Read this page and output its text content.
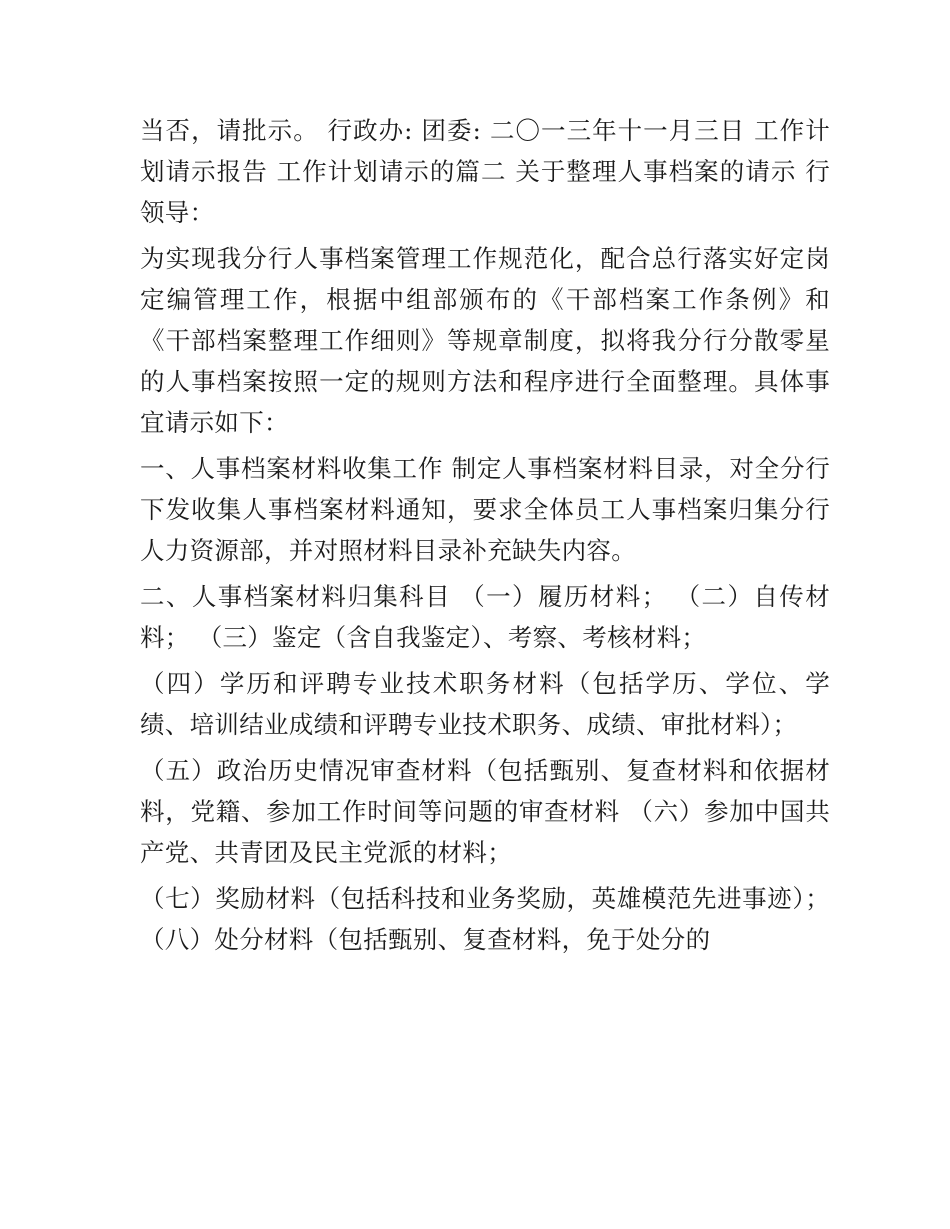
当否，请批示。 行政办: 团委: 二〇一三年十一月三日 工作计划请示报告 工作计划请示的篇二 关于整理人事档案的请示 行领导：

为实现我分行人事档案管理工作规范化，配合总行落实好定岗定编管理工作，根据中组部颁布的《干部档案工作条例》和《干部档案整理工作细则》等规章制度，拟将我分行分散零星的人事档案按照一定的规则方法和程序进行全面整理。具体事宜请示如下：

一、人事档案材料收集工作 制定人事档案材料目录，对全分行下发收集人事档案材料通知，要求全体员工人事档案归集分行人力资源部，并对照材料目录补充缺失内容。

二、人事档案材料归集科目 （一）履历材料； （二）自传材料； （三）鉴定（含自我鉴定）、考察、考核材料；

（四）学历和评聘专业技术职务材料（包括学历、学位、学绩、培训结业成绩和评聘专业技术职务、成绩、审批材料）；

（五）政治历史情况审查材料（包括甄别、复查材料和依据材料，党籍、参加工作时间等问题的审查材料 （六）参加中国共产党、共青团及民主党派的材料；

（七）奖励材料（包括科技和业务奖励，英雄模范先进事迹）； （八）处分材料（包括甄别、复查材料，免于处分的
